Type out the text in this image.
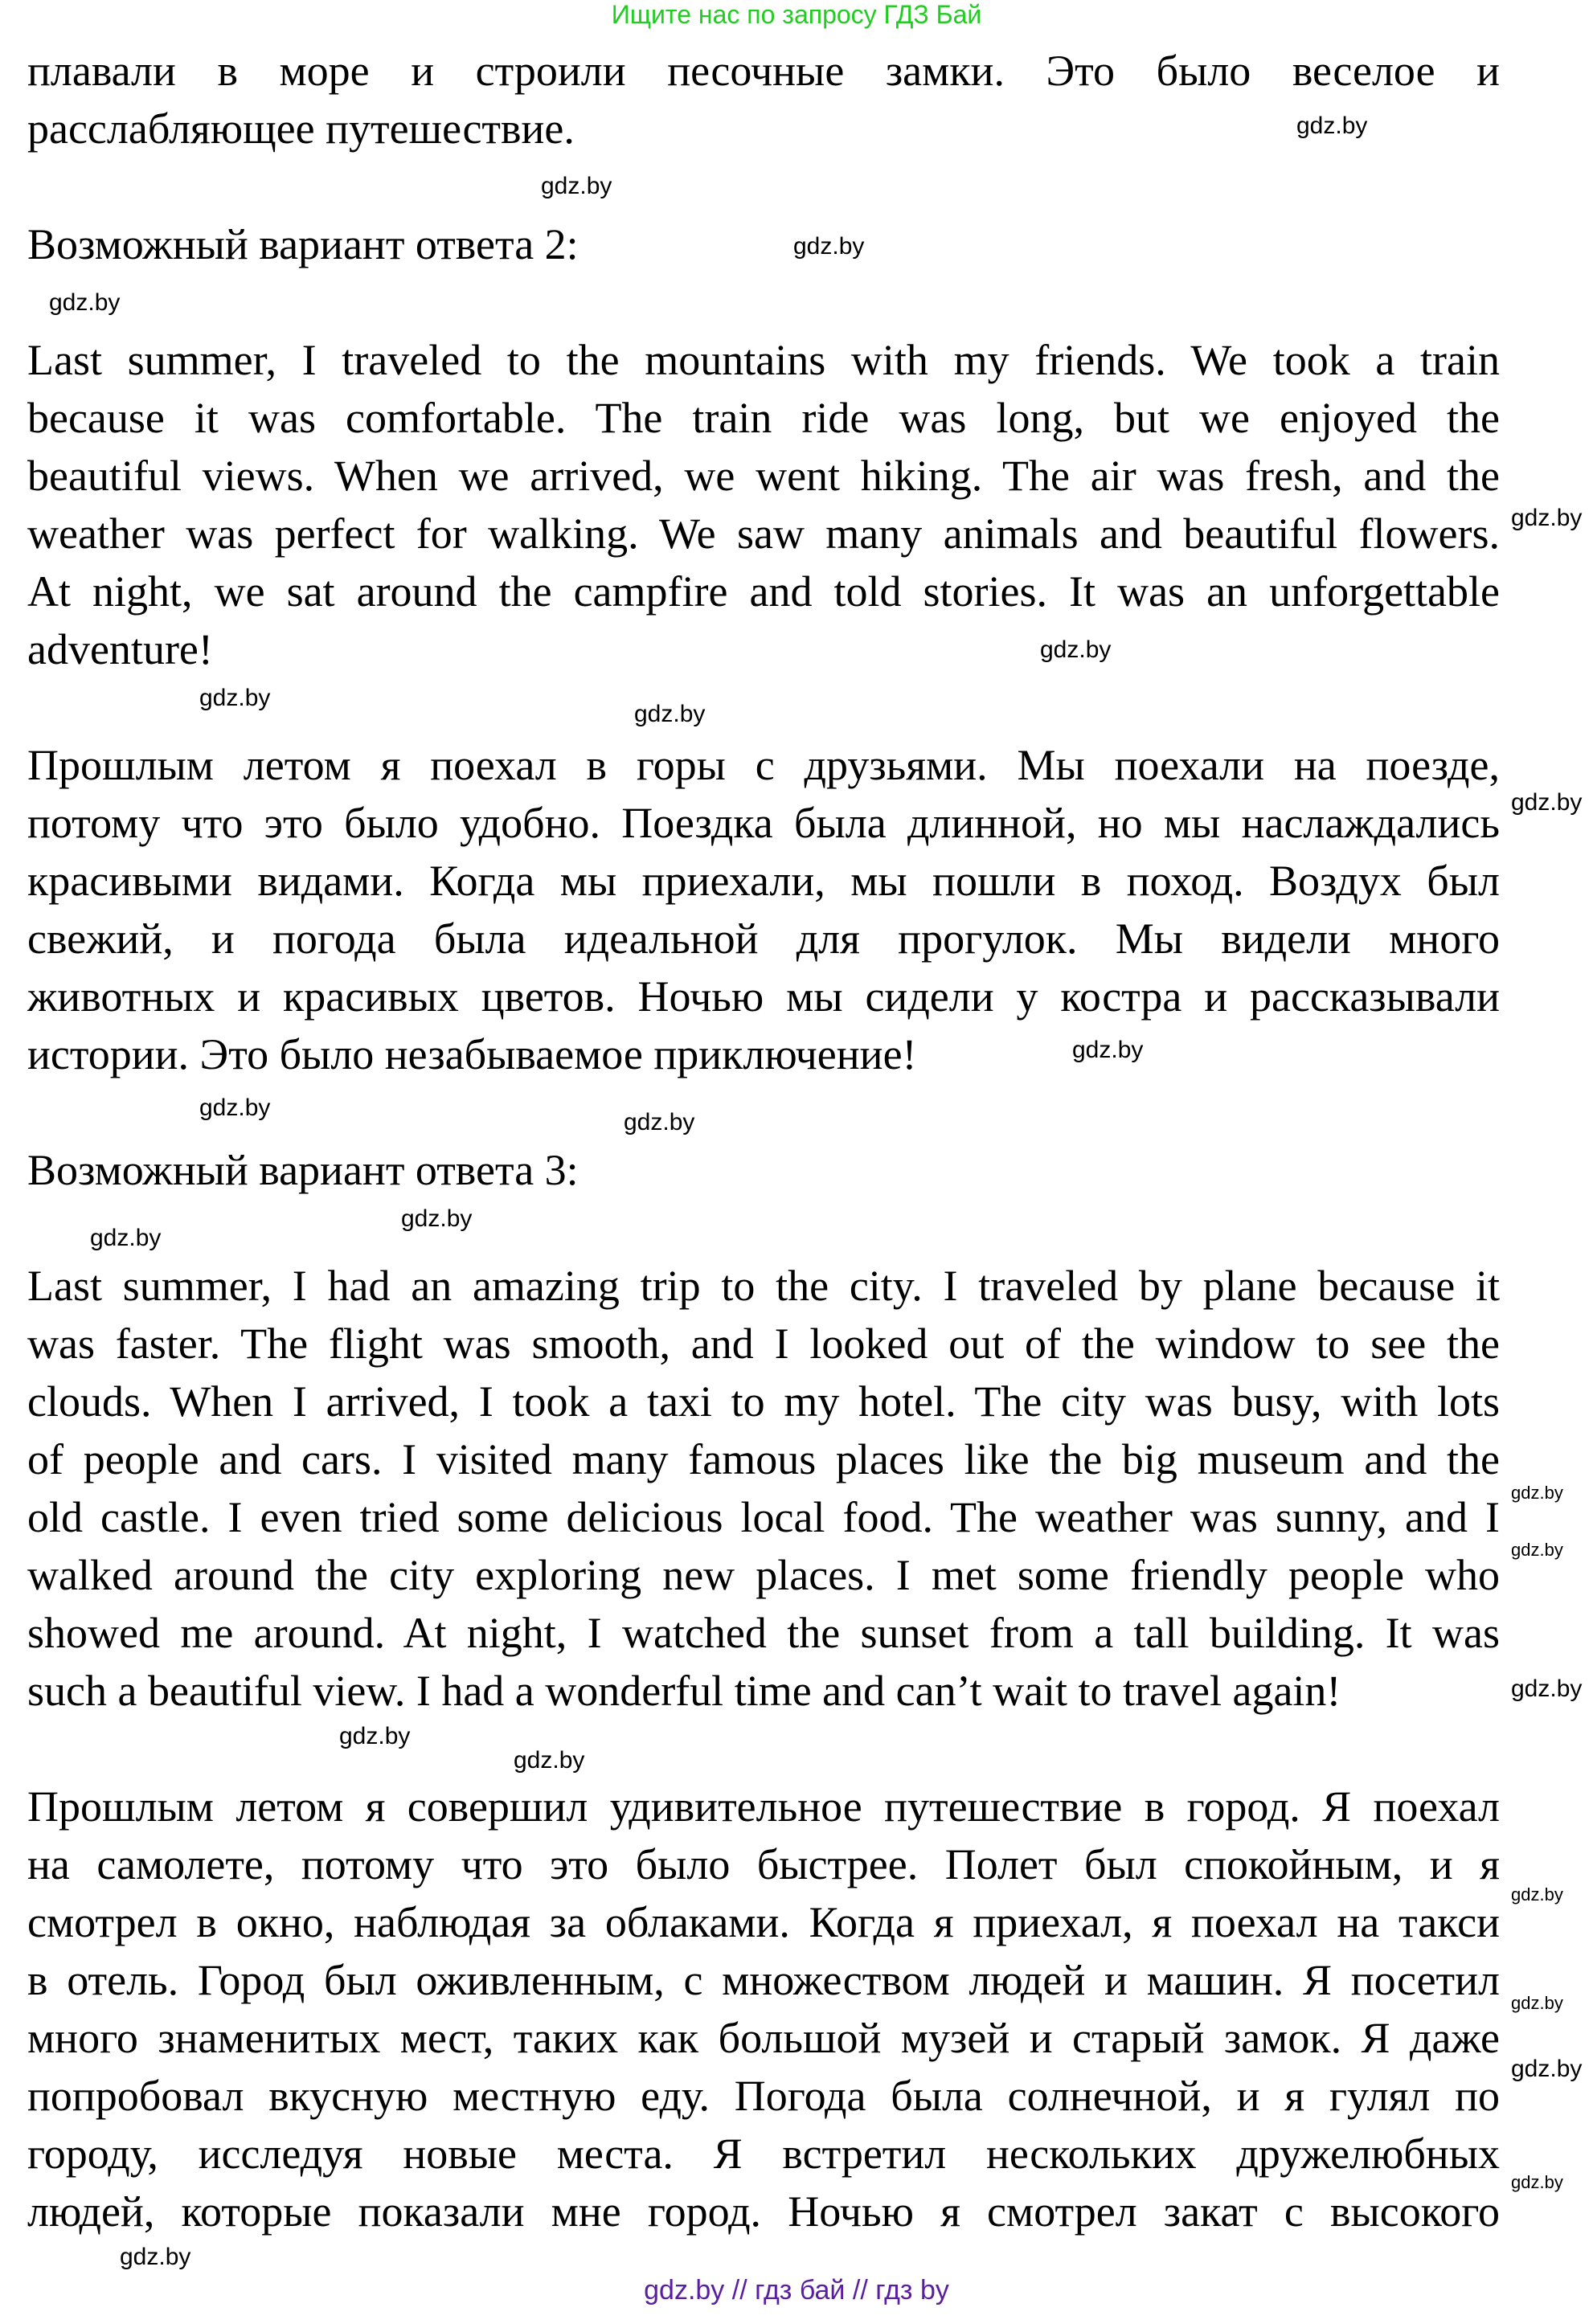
Ищите нас по запросу ГДЗ Бай
плавали в море и строили песочные замки. Это было веселое и
расслабляющее путешествие.
Возможный вариант ответа 2:
Last summer, I traveled to the mountains with my friends. We took a train
because it was comfortable. The train ride was long, but we enjoyed the
beautiful views. When we arrived, we went hiking. The air was fresh, and the
weather was perfect for walking. We saw many animals and beautiful flowers.
At night, we sat around the campfire and told stories. It was an unforgettable
adventure!
Прошлым летом я поехал в горы с друзьями. Мы поехали на поезде,
потому что это было удобно. Поездка была длинной, но мы наслаждались
красивыми видами. Когда мы приехали, мы пошли в поход. Воздух был
свежий, и погода была идеальной для прогулок. Мы видели много
животных и красивых цветов. Ночью мы сидели у костра и рассказывали
истории. Это было незабываемое приключение!
Возможный вариант ответа 3:
Last summer, I had an amazing trip to the city. I traveled by plane because it
was faster. The flight was smooth, and I looked out of the window to see the
clouds. When I arrived, I took a taxi to my hotel. The city was busy, with lots
of people and cars. I visited many famous places like the big museum and the
old castle. I even tried some delicious local food. The weather was sunny, and I
walked around the city exploring new places. I met some friendly people who
showed me around. At night, I watched the sunset from a tall building. It was
such a beautiful view. I had a wonderful time and can’t wait to travel again!
Прошлым летом я совершил удивительное путешествие в город. Я поехал
на самолете, потому что это было быстрее. Полет был спокойным, и я
смотрел в окно, наблюдая за облаками. Когда я приехал, я поехал на такси
в отель. Город был оживленным, с множеством людей и машин. Я посетил
много знаменитых мест, таких как большой музей и старый замок. Я даже
попробовал вкусную местную еду. Погода была солнечной, и я гулял по
городу, исследуя новые места. Я встретил нескольких дружелюбных
людей, которые показали мне город. Ночью я смотрел закат с высокого
gdz.by
gdz.by
gdz.by
gdz.by
gdz.by
gdz.by
gdz.by
gdz.by
gdz.by
gdz.by
gdz.by
gdz.by
gdz.by
gdz.by
gdz.by
gdz.by
gdz.by
gdz.by
gdz.by
gdz.by
gdz.by
gdz.by
gdz.by
gdz.by
gdz.by // гдз бай // гдз by
